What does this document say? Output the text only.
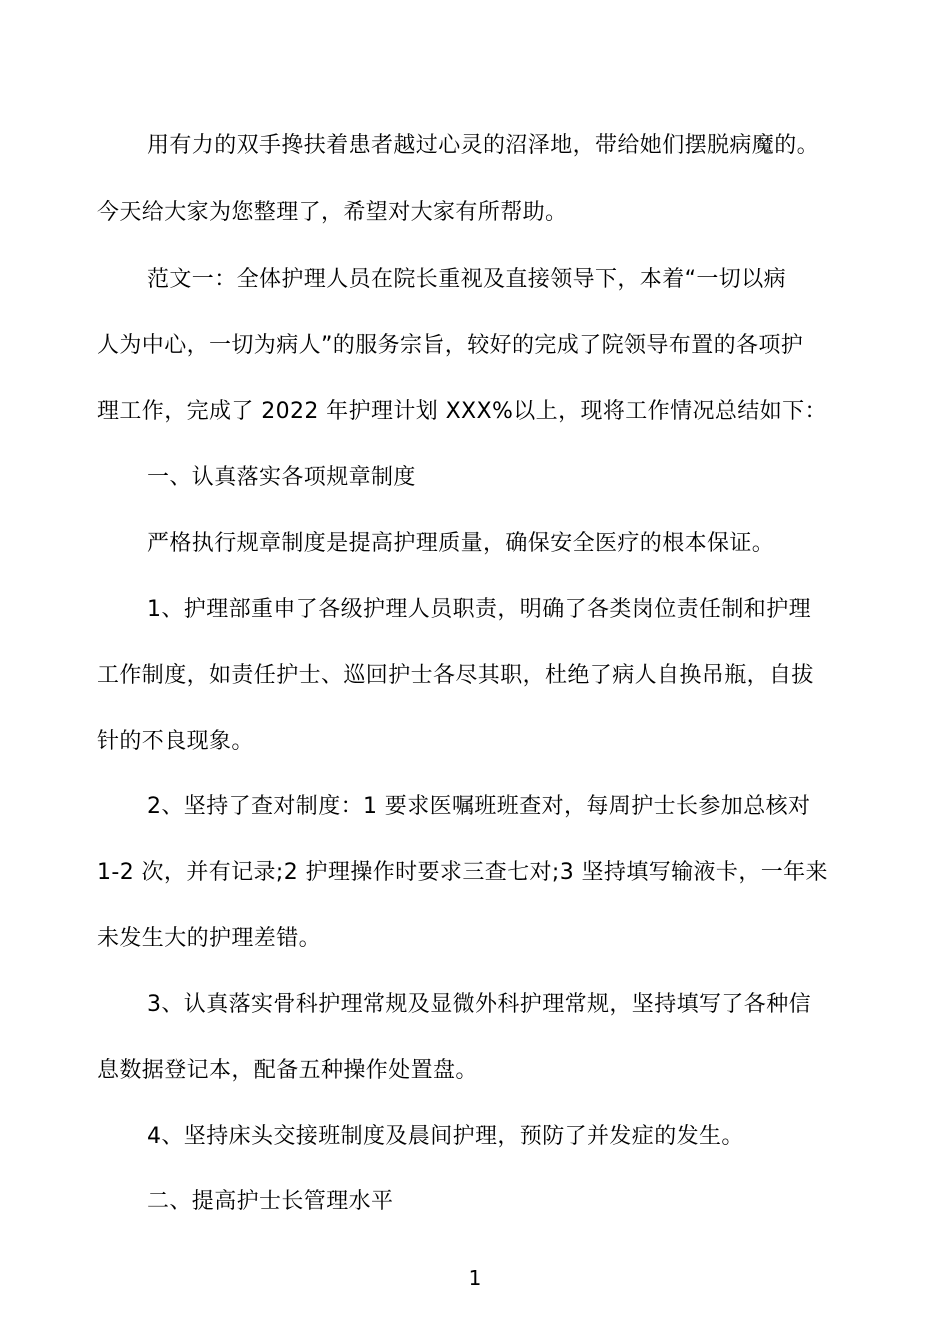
用有力的双手搀扶着患者越过心灵的沼泽地，带给她们摆脱病魔的。
今天给大家为您整理了，希望对大家有所帮助。
范文一：全体护理人员在院长重视及直接领导下，本着“一切以病
人为中心，一切为病人”的服务宗旨，较好的完成了院领导布置的各项护
理工作，完成了 2022 年护理计划 XXX%以上，现将工作情况总结如下：
一、认真落实各项规章制度
严格执行规章制度是提高护理质量，确保安全医疗的根本保证。
1、护理部重申了各级护理人员职责，明确了各类岗位责任制和护理
工作制度，如责任护士、巡回护士各尽其职，杜绝了病人自换吊瓶，自拔
针的不良现象。
2、坚持了查对制度：1 要求医嘱班班查对，每周护士长参加总核对
1-2 次，并有记录;2 护理操作时要求三查七对;3 坚持填写输液卡，一年来
未发生大的护理差错。
3、认真落实骨科护理常规及显微外科护理常规，坚持填写了各种信
息数据登记本，配备五种操作处置盘。
4、坚持床头交接班制度及晨间护理，预防了并发症的发生。
二、提高护士长管理水平
1
